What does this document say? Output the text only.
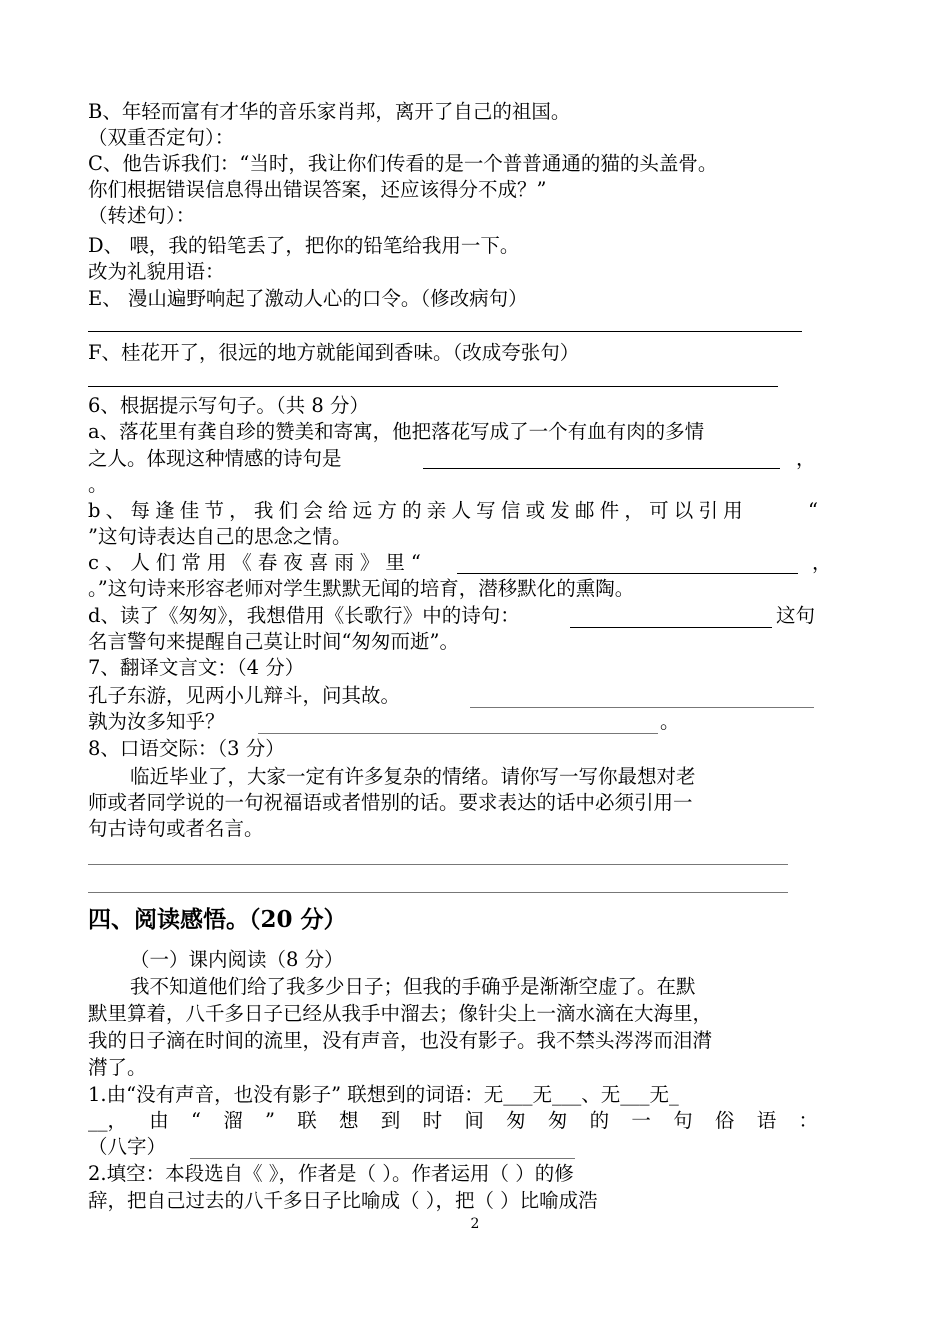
B、年轻而富有才华的音乐家肖邦，离开了自己的祖国。
（双重否定句）：
C、他告诉我们：“当时，我让你们传看的是一个普普通通的猫的头盖骨。
你们根据错误信息得出错误答案，还应该得分不成？”
（转述句）：
D、 喂，我的铅笔丢了，把你的铅笔给我用一下。
改为礼貌用语：
E、 漫山遍野响起了激动人心的口令。（修改病句）
F、桂花开了，很远的地方就能闻到香味。（改成夸张句）
6、根据提示写句子。（共 8 分）
a、落花里有龚自珍的赞美和寄寓，他把落花写成了一个有血有肉的多情
之人。体现这种情感的诗句是	，
。
b、每逢佳节，我们会给远方的亲人写信或发邮件，可以引用	“
”这句诗表达自己的思念之情。
c、人们常用《春夜喜雨》里“	，
。”这句诗来形容老师对学生默默无闻的培育，潜移默化的熏陶。
d、读了《匆匆》，我想借用《长歌行》中的诗句：	这句
名言警句来提醒自己莫让时间“匆匆而逝”。
7、翻译文言文：（4 分）
孔子东游，见两小儿辩斗，问其故。
孰为汝多知乎？	。
8、口语交际：（3 分）
临近毕业了，大家一定有许多复杂的情绪。请你写一写你最想对老
师或者同学说的一句祝福语或者惜别的话。要求表达的话中必须引用一
句古诗句或者名言。
四、阅读感悟。（20 分）
（一）课内阅读（8 分）
我不知道他们给了我多少日子；但我的手确乎是渐渐空虚了。在默
默里算着，八千多日子已经从我手中溜去；像针尖上一滴水滴在大海里，
我的日子滴在时间的流里，没有声音，也没有影子。我不禁头涔涔而泪潸
潸了。
1.由“没有声音，也没有影子” 联想到的词语：无___无___、无___无_
__， 由 “ 溜 ” 联 想 到 时 间 匆 匆 的 一 句 俗 语 ：
（八字）
2.填空：本段选自《 》，作者是（ ）。作者运用（ ）的修
辞，把自己过去的八千多日子比喻成（ ），把（ ）比喻成浩
2
